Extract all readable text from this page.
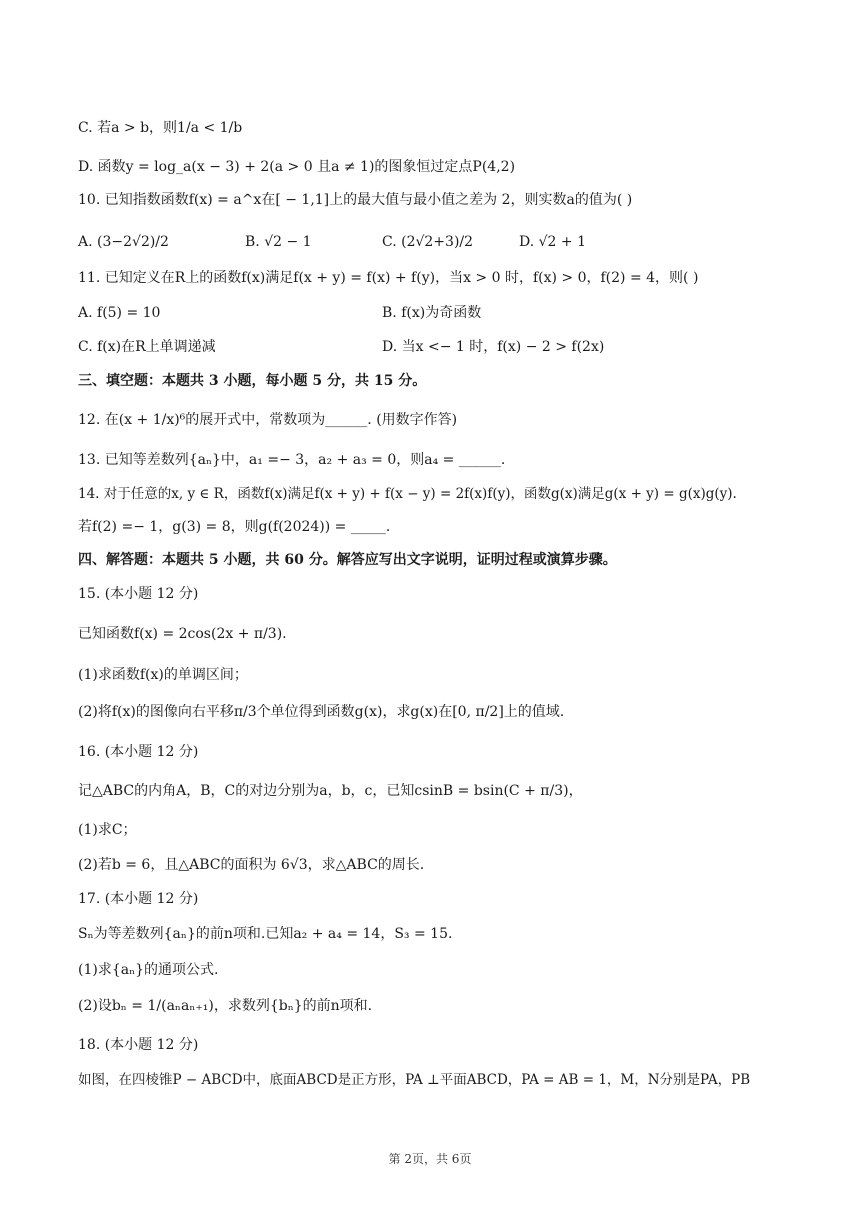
C. 若a > b，则1/a < 1/b
D. 函数y = log_a(x − 3) + 2(a > 0 且a ≠ 1)的图象恒过定点P(4,2)
10. 已知指数函数f(x) = a^x在[ − 1,1]上的最大值与最小值之差为 2，则实数a的值为( )
A. (3−2√2)/2	B. √2 − 1	C. (2√2+3)/2	D. √2 + 1
11. 已知定义在R上的函数f(x)满足f(x + y) = f(x) + f(y)，当x > 0 时，f(x) > 0，f(2) = 4，则( )
A. f(5) = 10	B. f(x)为奇函数
C. f(x)在R上单调递减	D. 当x <− 1 时，f(x) − 2 > f(2x)
三、填空题：本题共 3 小题，每小题 5 分，共 15 分。
12. 在(x + 1/x)⁶的展开式中，常数项为______. (用数字作答)
13. 已知等差数列{aₙ}中，a₁ =− 3，a₂ + a₃ = 0，则a₄ = ______.
14. 对于任意的x, y ∈ R，函数f(x)满足f(x + y) + f(x − y) = 2f(x)f(y)，函数g(x)满足g(x + y) = g(x)g(y).
若f(2) =− 1，g(3) = 8，则g(f(2024)) = _____.
四、解答题：本题共 5 小题，共 60 分。解答应写出文字说明，证明过程或演算步骤。
15. (本小题 12 分)
已知函数f(x) = 2cos(2x + π/3).
(1)求函数f(x)的单调区间；
(2)将f(x)的图像向右平移π/3个单位得到函数g(x)，求g(x)在[0, π/2]上的值域.
16. (本小题 12 分)
记△ABC的内角A，B，C的对边分别为a，b，c，已知csinB = bsin(C + π/3)，
(1)求C；
(2)若b = 6，且△ABC的面积为 6√3，求△ABC的周长.
17. (本小题 12 分)
Sₙ为等差数列{aₙ}的前n项和.已知a₂ + a₄ = 14，S₃ = 15.
(1)求{aₙ}的通项公式.
(2)设bₙ = 1/(aₙaₙ₊₁)，求数列{bₙ}的前n项和.
18. (本小题 12 分)
如图，在四棱锥P − ABCD中，底面ABCD是正方形，PA ⊥平面ABCD，PA = AB = 1，M，N分别是PA，PB
第 2页，共 6页
